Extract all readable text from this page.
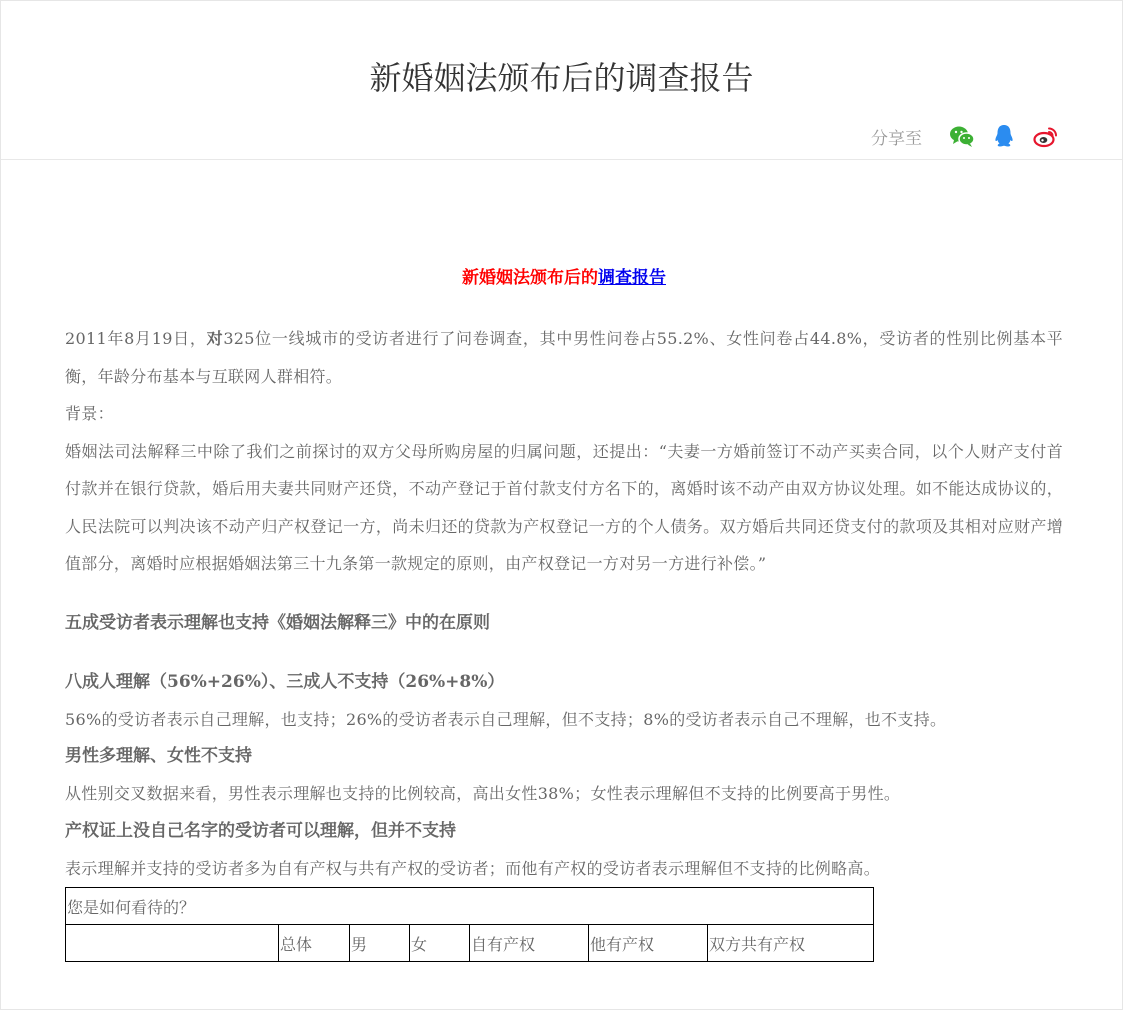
新婚姻法颁布后的调查报告
分享至

新婚姻法颁布后的调查报告

2011年8月19日，对325位一线城市的受访者进行了问卷调查，其中男性问卷占55.2%、女性问卷占44.8%，受访者的性别比例基本平衡，年龄分布基本与互联网人群相符。

背景：

婚姻法司法解释三中除了我们之前探讨的双方父母所购房屋的归属问题，还提出：“夫妻一方婚前签订不动产买卖合同，以个人财产支付首付款并在银行贷款，婚后用夫妻共同财产还贷，不动产登记于首付款支付方名下的，离婚时该不动产由双方协议处理。如不能达成协议的，人民法院可以判决该不动产归产权登记一方，尚未归还的贷款为产权登记一方的个人债务。双方婚后共同还贷支付的款项及其相对应财产增值部分，离婚时应根据婚姻法第三十九条第一款规定的原则，由产权登记一方对另一方进行补偿。”

五成受访者表示理解也支持《婚姻法解释三》中的在原则

八成人理解（56%+26%）、三成人不支持（26%+8%）

56%的受访者表示自己理解，也支持；26%的受访者表示自己理解，但不支持；8%的受访者表示自己不理解，也不支持。

男性多理解、女性不支持

从性别交叉数据来看，男性表示理解也支持的比例较高，高出女性38%；女性表示理解但不支持的比例要高于男性。

产权证上没自己名字的受访者可以理解，但并不支持

表示理解并支持的受访者多为自有产权与共有产权的受访者；而他有产权的受访者表示理解但不支持的比例略高。

您是如何看待的？
	总体	男	女	自有产权	他有产权	双方共有产权
